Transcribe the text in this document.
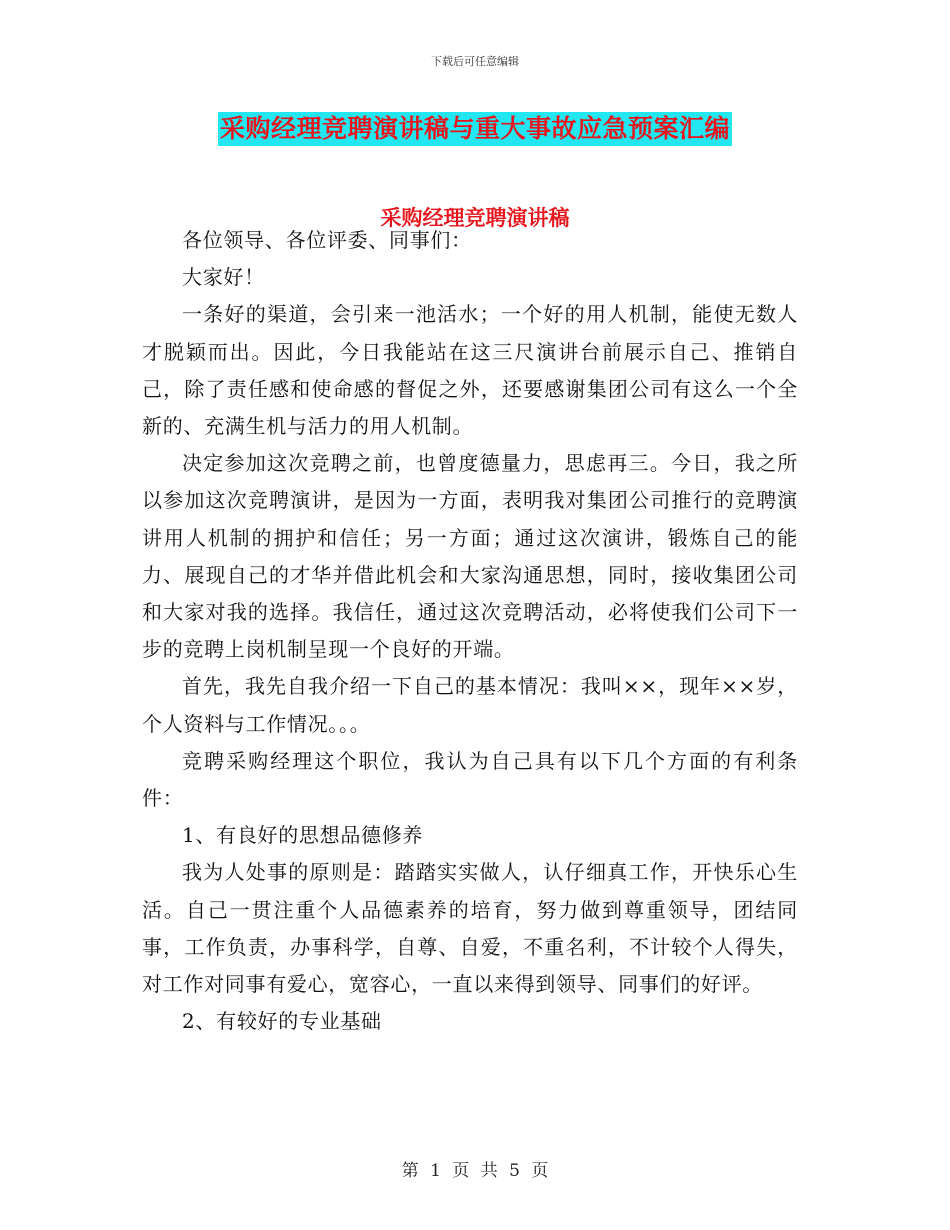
下载后可任意编辑
采购经理竞聘演讲稿与重大事故应急预案汇编
采购经理竞聘演讲稿

各位领导、各位评委、同事们：

大家好！

一条好的渠道，会引来一池活水；一个好的用人机制，能使无数人才脱颖而出。因此，今日我能站在这三尺演讲台前展示自己、推销自己，除了责任感和使命感的督促之外，还要感谢集团公司有这么一个全新的、充满生机与活力的用人机制。

决定参加这次竞聘之前，也曾度德量力，思虑再三。今日，我之所以参加这次竞聘演讲，是因为一方面，表明我对集团公司推行的竞聘演讲用人机制的拥护和信任；另一方面；通过这次演讲，锻炼自己的能力、展现自己的才华并借此机会和大家沟通思想，同时，接收集团公司和大家对我的选择。我信任，通过这次竞聘活动，必将使我们公司下一步的竞聘上岗机制呈现一个良好的开端。

首先，我先自我介绍一下自己的基本情况：我叫××，现年××岁，个人资料与工作情况。。。

竞聘采购经理这个职位，我认为自己具有以下几个方面的有利条件：

1、有良好的思想品德修养

我为人处事的原则是：踏踏实实做人，认仔细真工作，开快乐心生活。自己一贯注重个人品德素养的培育，努力做到尊重领导，团结同事，工作负责，办事科学，自尊、自爱，不重名利，不计较个人得失，对工作对同事有爱心，宽容心，一直以来得到领导、同事们的好评。

2、有较好的专业基础

第 1 页 共 5 页
